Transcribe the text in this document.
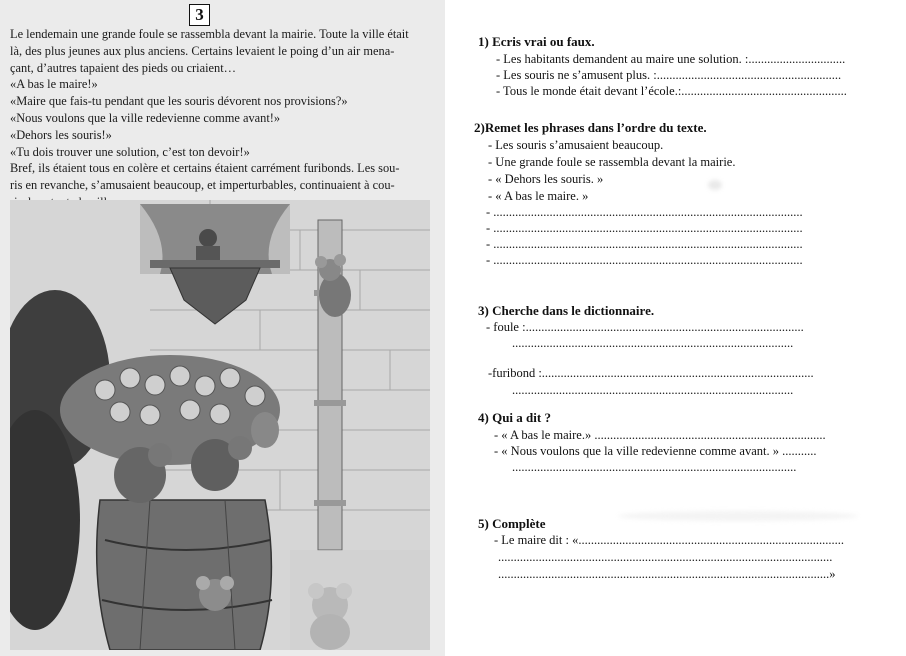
3

Le lendemain une grande foule se rassembla devant la mairie. Toute la ville était

là, des plus jeunes aux plus anciens. Certains levaient le poing d’un air mena-

çant, d’autres tapaient des pieds ou criaient…

«A bas le maire!»

«Maire que fais-tu pendant que les souris dévorent nos provisions?»

«Nous voulons que la ville redevienne comme avant!»

«Dehors les souris!»

«Tu dois trouver une solution, c’est ton devoir!»

Bref, ils étaient tous en colère et certains étaient carrément furibonds. Les sou-

ris en revanche, s’amusaient beaucoup, et imperturbables, continuaient à cou-

1) Ecris vrai ou faux.
- Les habitants demandent au maire une solution. :...............................
- Les souris ne s’amusent plus. :...........................................................
- Tous le monde était devant l’école.:.....................................................
2)Remet les phrases dans l’ordre du texte.
- Les souris s’amusaient beaucoup.
- Une grande foule se rassembla devant la mairie.
- « Dehors les souris. »
- « A bas le maire. »
- ...................................................................................................
- ...................................................................................................
- ...................................................................................................
- ...................................................................................................
3) Cherche dans le dictionnaire.
- foule :.........................................................................................
..........................................................................................
-furibond :.......................................................................................
..........................................................................................
4) Qui a dit ?
- « A bas le maire.» ..........................................................................
- « Nous voulons que la ville redevienne comme avant. » ...........
...........................................................................................
5) Complète
- Le maire dit : «.....................................................................................
...........................................................................................................
..........................................................................................................»
